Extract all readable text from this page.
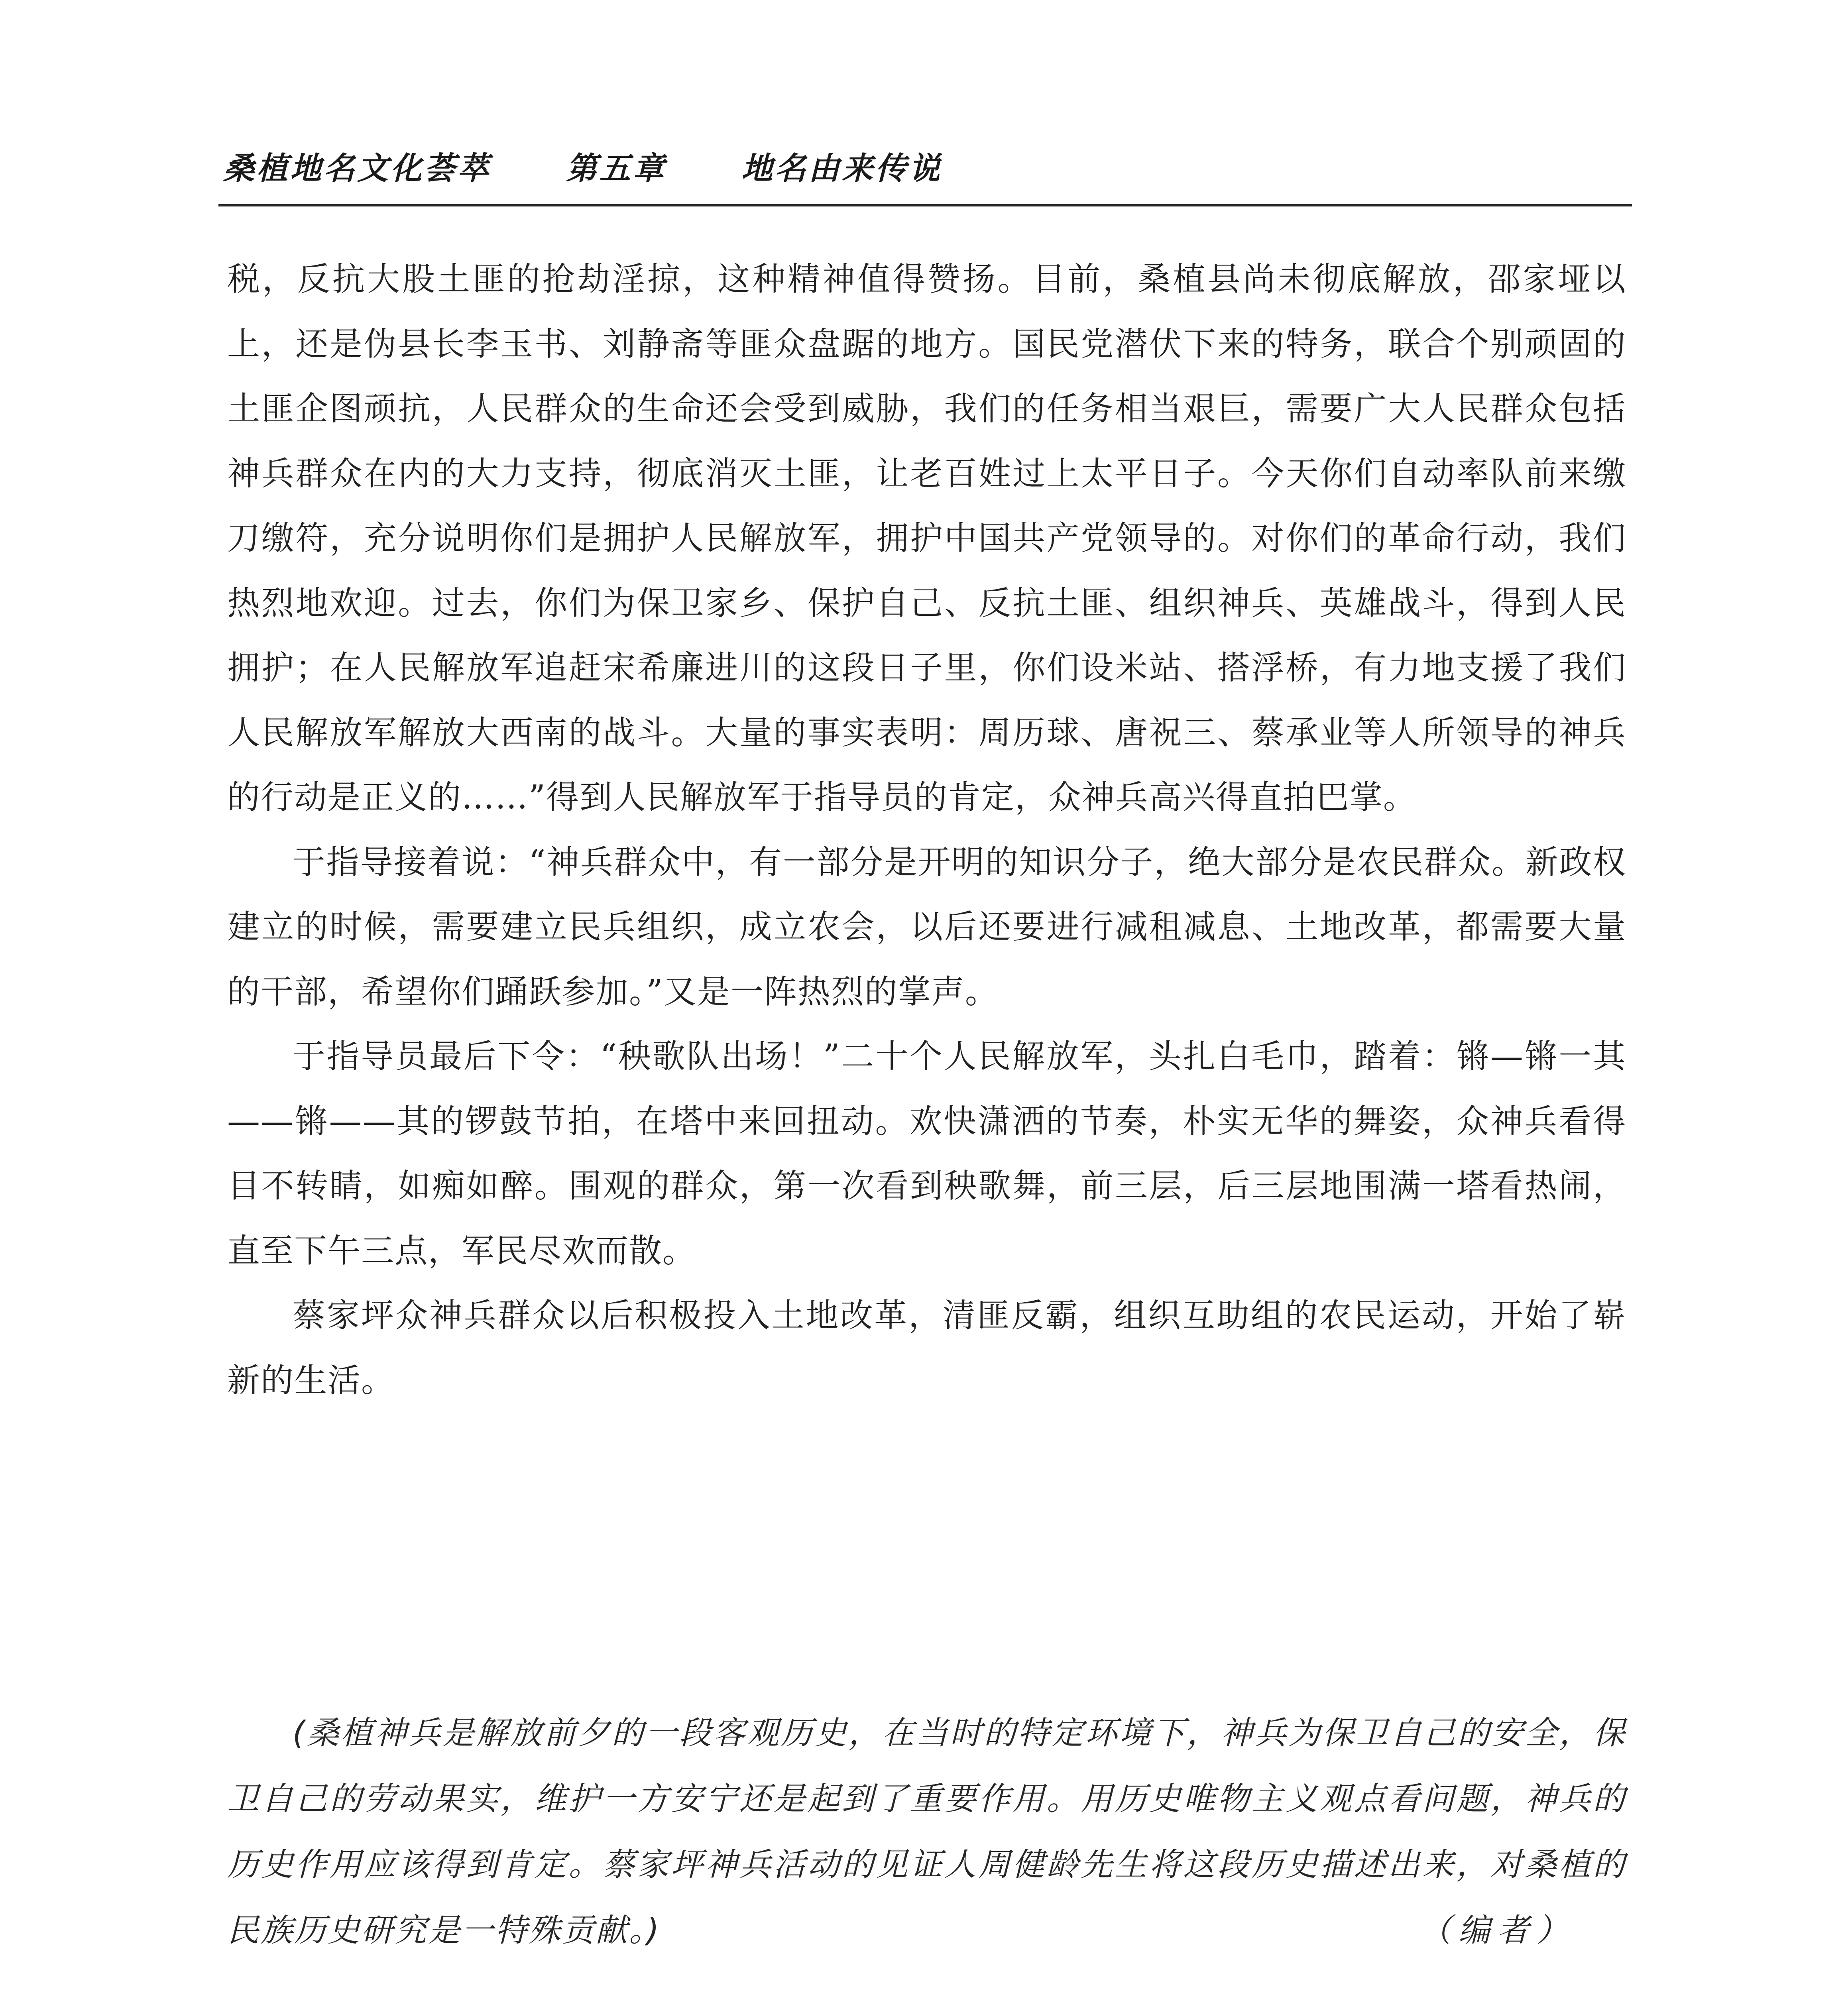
桑植地名文化荟萃 第五章 地名由来传说

税，反抗大股土匪的抢劫淫掠，这种精神值得赞扬。目前，桑植县尚未彻底解放，邵家垭以上，还是伪县长李玉书、刘静斋等匪众盘踞的地方。国民党潜伏下来的特务，联合个别顽固的土匪企图顽抗，人民群众的生命还会受到威胁，我们的任务相当艰巨，需要广大人民群众包括神兵群众在内的大力支持，彻底消灭土匪，让老百姓过上太平日子。今天你们自动率队前来缴刀缴符，充分说明你们是拥护人民解放军，拥护中国共产党领导的。对你们的革命行动，我们热烈地欢迎。过去，你们为保卫家乡、保护自己、反抗土匪、组织神兵、英雄战斗，得到人民拥护；在人民解放军追赶宋希廉进川的这段日子里，你们设米站、搭浮桥，有力地支援了我们人民解放军解放大西南的战斗。大量的事实表明：周历球、唐祝三、蔡承业等人所领导的神兵的行动是正义的……”得到人民解放军于指导员的肯定，众神兵高兴得直拍巴掌。

于指导接着说：“神兵群众中，有一部分是开明的知识分子，绝大部分是农民群众。新政权建立的时候，需要建立民兵组织，成立农会，以后还要进行减租减息、土地改革，都需要大量的干部，希望你们踊跃参加。”又是一阵热烈的掌声。

于指导员最后下令：“秧歌队出场！”二十个人民解放军，头扎白毛巾，踏着：锵—锵一其——锵——其的锣鼓节拍，在塔中来回扭动。欢快潇洒的节奏，朴实无华的舞姿，众神兵看得目不转睛，如痴如醉。围观的群众，第一次看到秧歌舞，前三层，后三层地围满一塔看热闹，直至下午三点，军民尽欢而散。

蔡家坪众神兵群众以后积极投入土地改革，清匪反霸，组织互助组的农民运动，开始了崭新的生活。

(桑植神兵是解放前夕的一段客观历史，在当时的特定环境下，神兵为保卫自己的安全，保卫自己的劳动果实，维护一方安宁还是起到了重要作用。用历史唯物主义观点看问题，神兵的历史作用应该得到肯定。蔡家坪神兵活动的见证人周健龄先生将这段历史描述出来，对桑植的民族历史研究是一特殊贡献。)	（编者）
